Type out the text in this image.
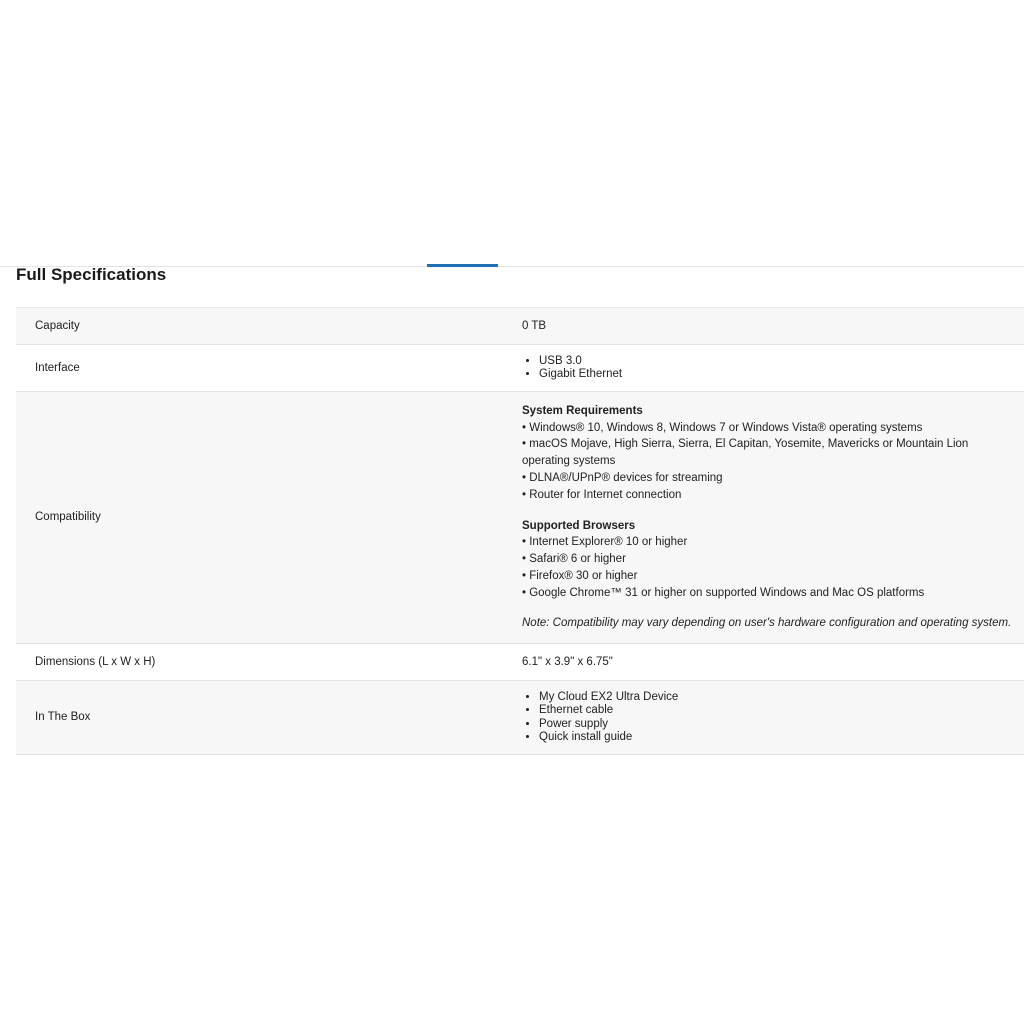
Full Specifications
Capacity	0 TB
Interface
• USB 3.0
• Gigabit Ethernet
Compatibility
System Requirements
• Windows® 10, Windows 8, Windows 7 or Windows Vista® operating systems
• macOS Mojave, High Sierra, Sierra, El Capitan, Yosemite, Mavericks or Mountain Lion operating systems
• DLNA®/UPnP® devices for streaming
• Router for Internet connection
Supported Browsers
• Internet Explorer® 10 or higher
• Safari® 6 or higher
• Firefox® 30 or higher
• Google Chrome™ 31 or higher on supported Windows and Mac OS platforms
Note: Compatibility may vary depending on user's hardware configuration and operating system.
Dimensions (L x W x H)	6.1" x 3.9" x 6.75"
In The Box
• My Cloud EX2 Ultra Device
• Ethernet cable
• Power supply
• Quick install guide
